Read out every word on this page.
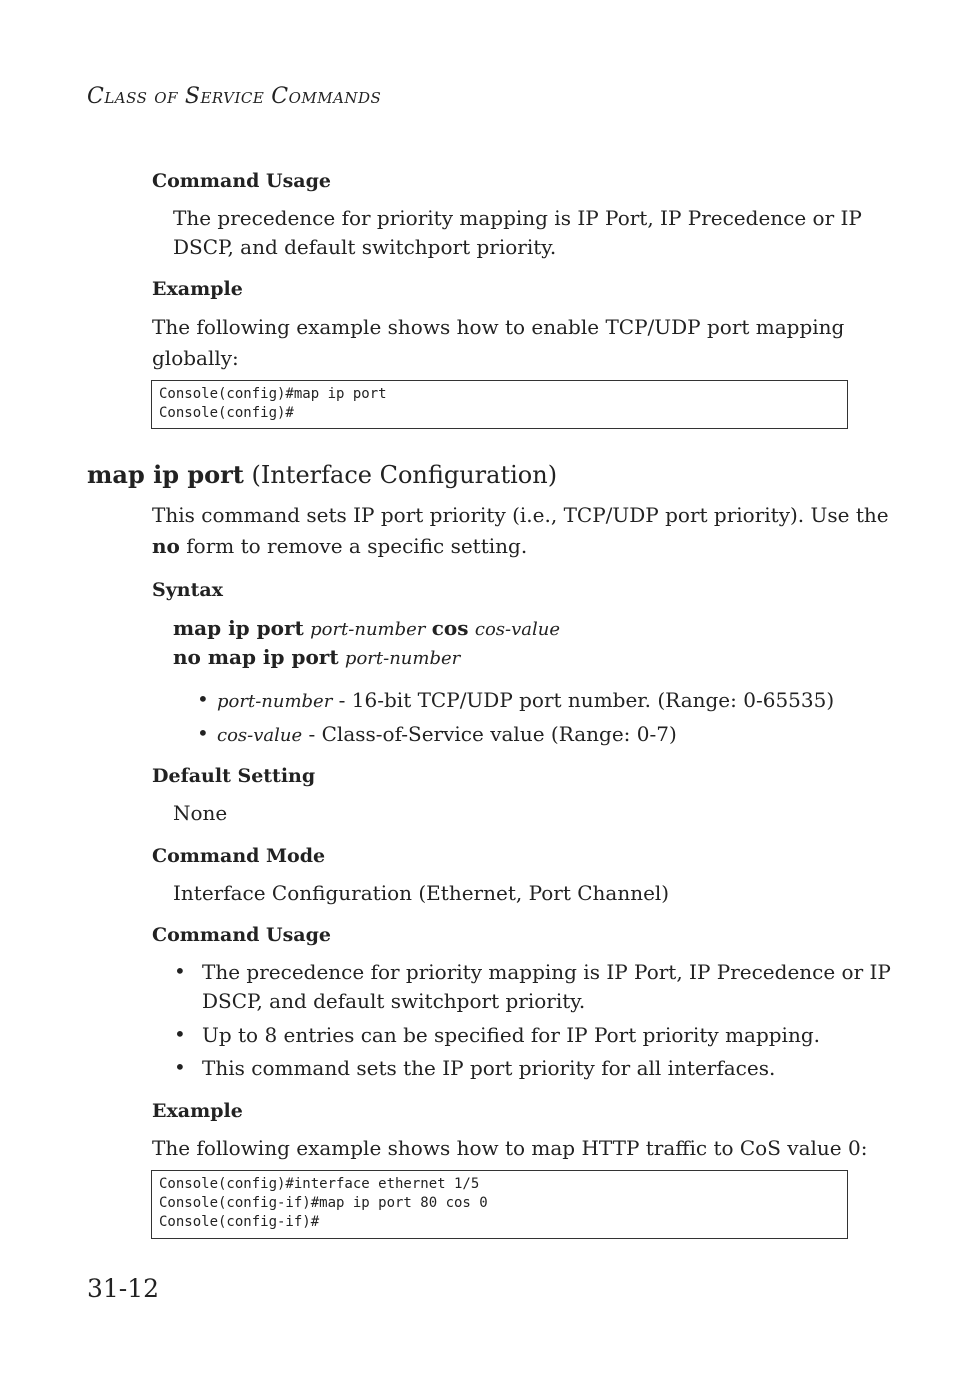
CLASS OF SERVICE COMMANDS
Command Usage
The precedence for priority mapping is IP Port, IP Precedence or IP
DSCP, and default switchport priority.
Example
The following example shows how to enable TCP/UDP port mapping
globally:
Console(config)#map ip port
Console(config)#
map ip port (Interface Configuration)
This command sets IP port priority (i.e., TCP/UDP port priority). Use the
no form to remove a specific setting.
Syntax
map ip port port-number cos cos-value
no map ip port port-number
• port-number - 16-bit TCP/UDP port number. (Range: 0-65535)
• cos-value - Class-of-Service value (Range: 0-7)
Default Setting
None
Command Mode
Interface Configuration (Ethernet, Port Channel)
Command Usage
• The precedence for priority mapping is IP Port, IP Precedence or IP
DSCP, and default switchport priority.
• Up to 8 entries can be specified for IP Port priority mapping.
• This command sets the IP port priority for all interfaces.
Example
The following example shows how to map HTTP traffic to CoS value 0:
Console(config)#interface ethernet 1/5
Console(config-if)#map ip port 80 cos 0
Console(config-if)#
31-12
